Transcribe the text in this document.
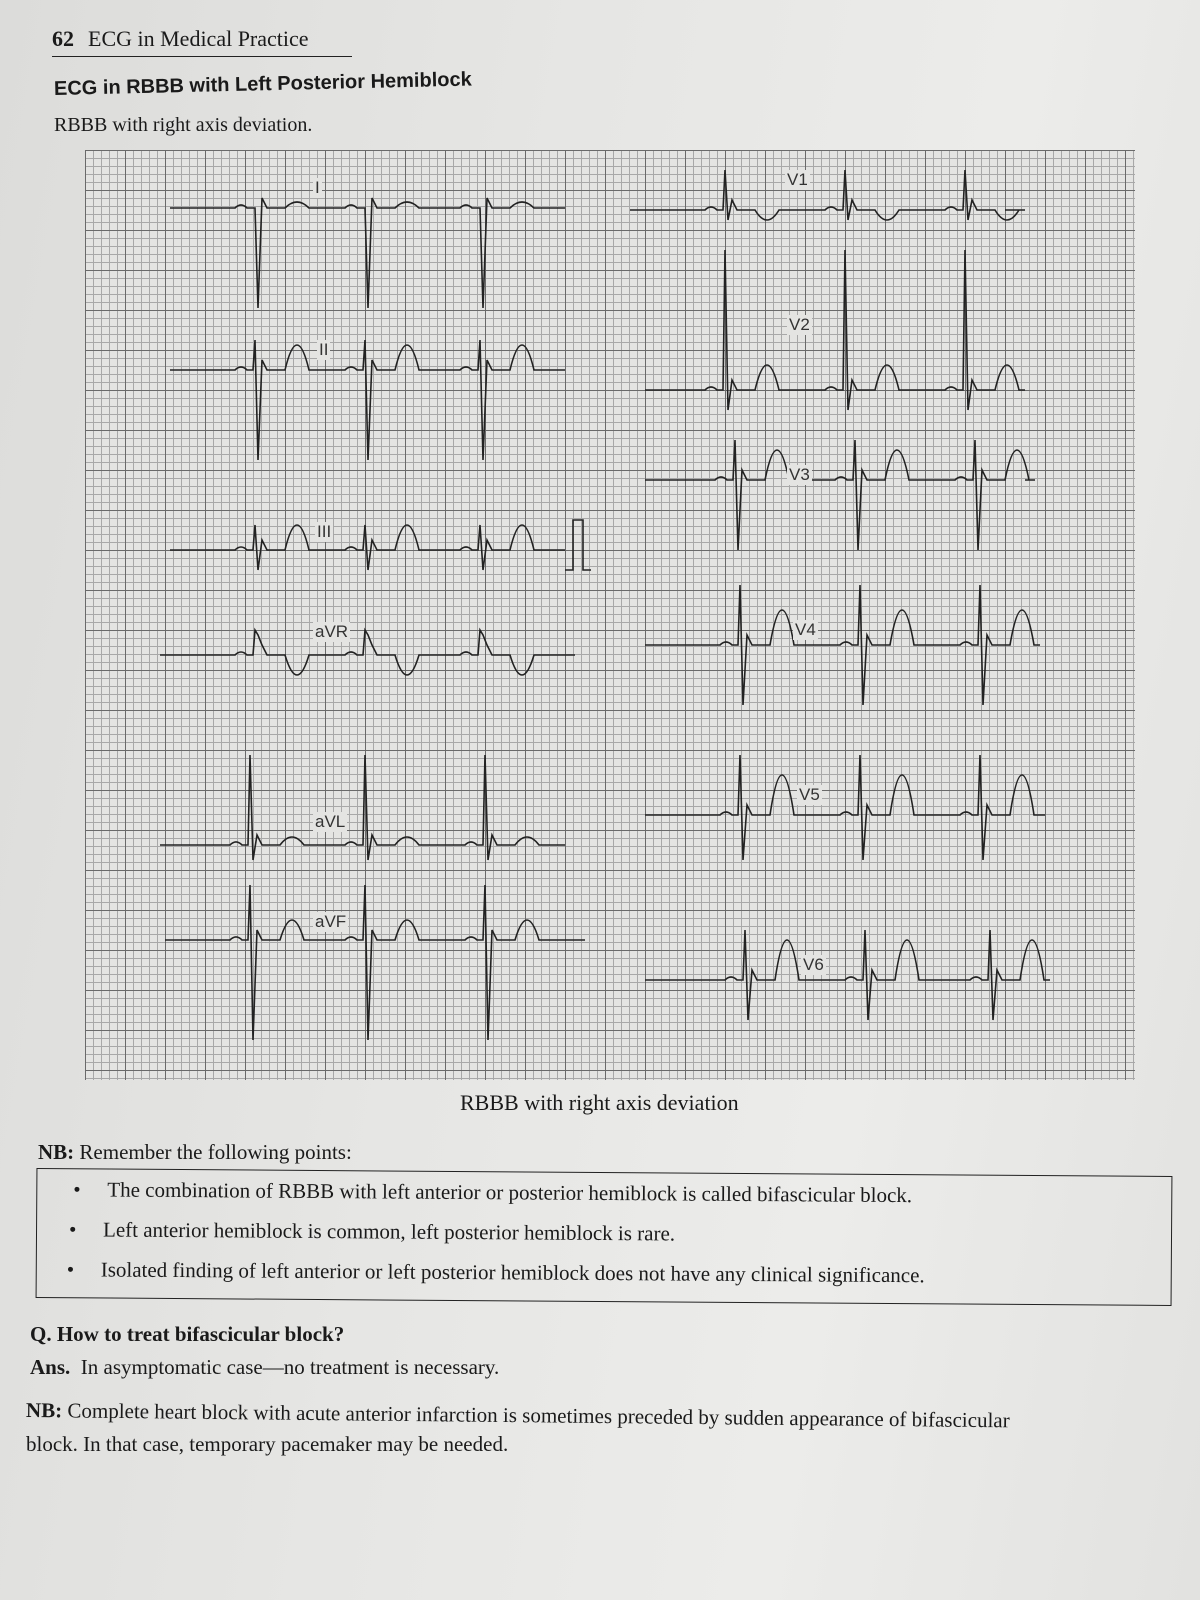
62 ECG in Medical Practice
ECG in RBBB with Left Posterior Hemiblock
RBBB with right axis deviation.
I
II
III
aVR
aVL
aVF
V1
V2
V3
V4
V5
V6
RBBB with right axis deviation
NB: Remember the following points:
• The combination of RBBB with left anterior or posterior hemiblock is called bifascicular block.
• Left anterior hemiblock is common, left posterior hemiblock is rare.
• Isolated finding of left anterior or left posterior hemiblock does not have any clinical significance.
Q. How to treat bifascicular block?
Ans. In asymptomatic case—no treatment is necessary.
NB: Complete heart block with acute anterior infarction is sometimes preceded by sudden appearance of bifascicular
block. In that case, temporary pacemaker may be needed.
